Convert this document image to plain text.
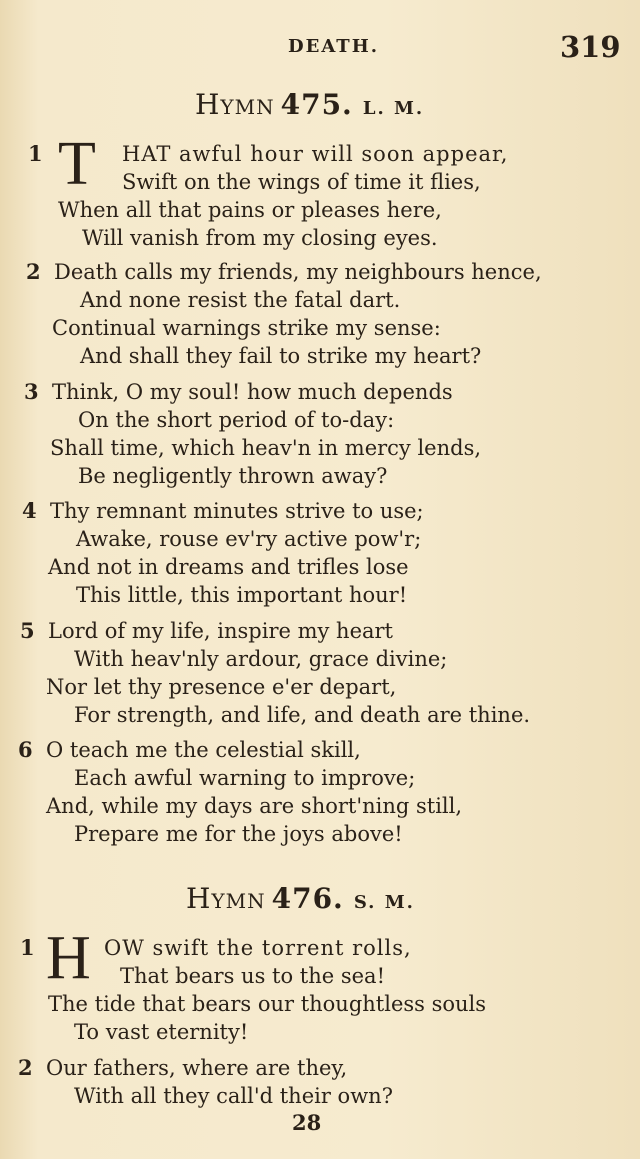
DEATH.	319
HYMN 475. L. M.
1 T HAT awful hour will soon appear,
Swift on the wings of time it flies,
When all that pains or pleases here,
Will vanish from my closing eyes.
2 Death calls my friends, my neighbours hence,
And none resist the fatal dart.
Continual warnings strike my sense:
And shall they fail to strike my heart?
3 Think, O my soul! how much depends
On the short period of to-day:
Shall time, which heav'n in mercy lends,
Be negligently thrown away?
4 Thy remnant minutes strive to use;
Awake, rouse ev'ry active pow'r;
And not in dreams and trifles lose
This little, this important hour!
5 Lord of my life, inspire my heart
With heav'nly ardour, grace divine;
Nor let thy presence e'er depart,
For strength, and life, and death are thine.
6 O teach me the celestial skill,
Each awful warning to improve;
And, while my days are short'ning still,
Prepare me for the joys above!
HYMN 476. S. M.
1 H OW swift the torrent rolls,
That bears us to the sea!
The tide that bears our thoughtless souls
To vast eternity!
2 Our fathers, where are they,
With all they call'd their own?
28
